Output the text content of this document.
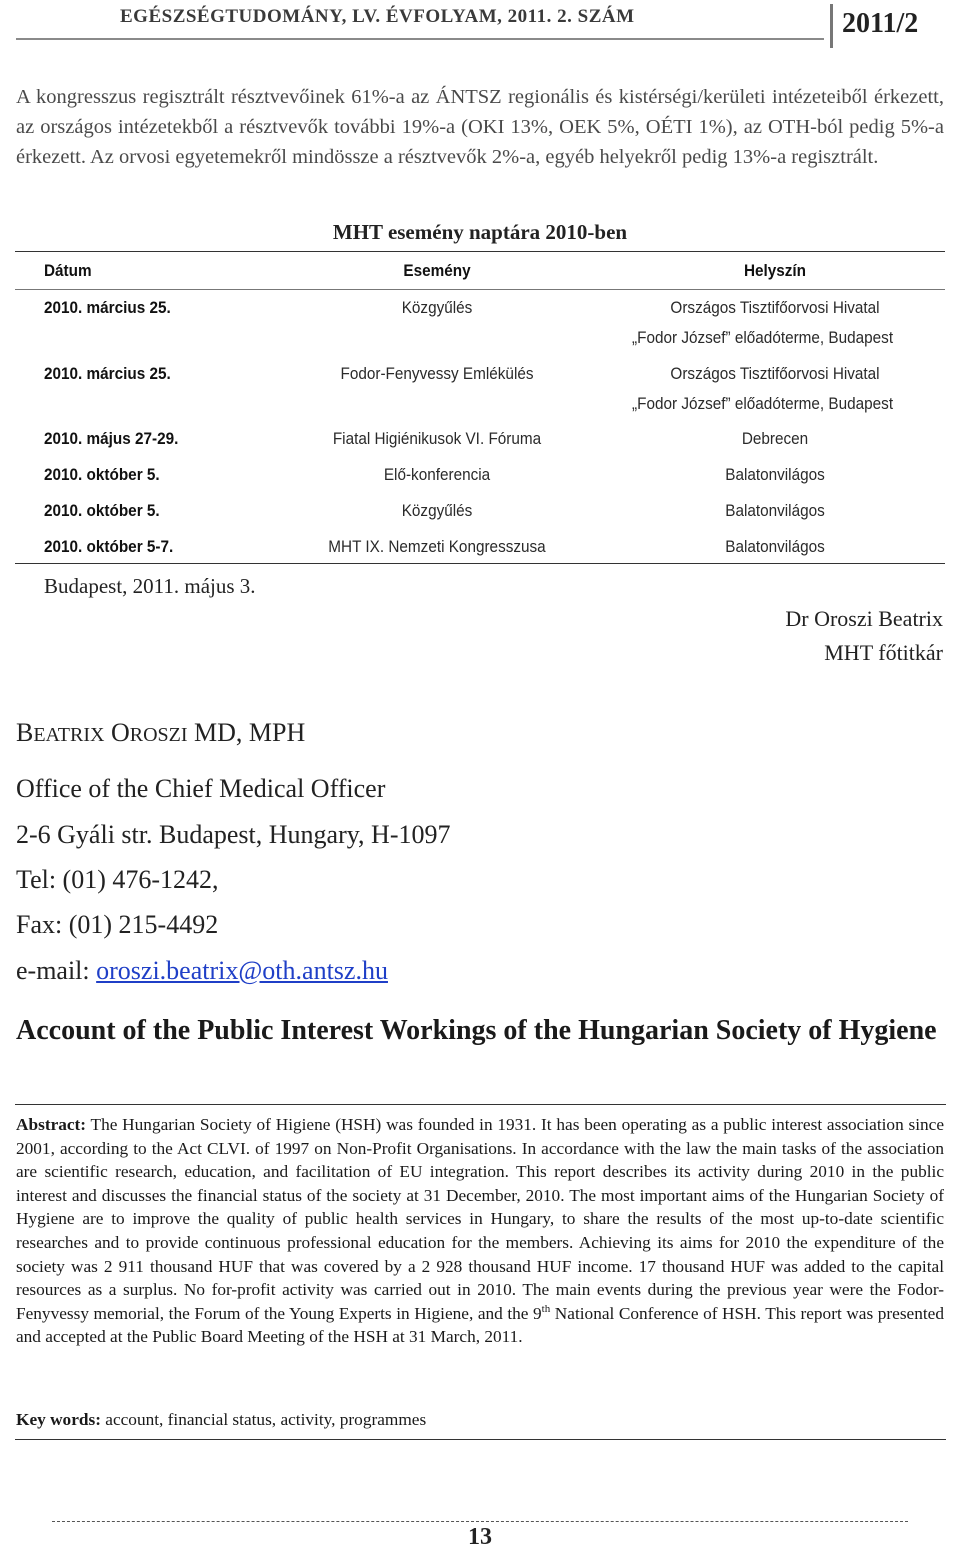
EGÉSZSÉGTUDOMÁNY, LV. ÉVFOLYAM, 2011. 2. SZÁM	2011/2
A kongresszus regisztrált résztvevőinek 61%-a az ÁNTSZ regionális és kistérségi/kerületi intézeteiből érkezett, az országos intézetekből a résztvevők további 19%-a (OKI 13%, OEK 5%, OÉTI 1%), az OTH-ból pedig 5%-a érkezett. Az orvosi egyetemekről mindössze a résztvevők 2%-a, egyéb helyekről pedig 13%-a regisztrált.
MHT esemény naptára 2010-ben
Dátum	Esemény	Helyszín
2010. március 25.	Közgyűlés	Országos Tisztifőorvosi Hivatal
„Fodor József” előadóterme, Budapest
2010. március 25.	Fodor-Fenyvessy Emlékülés	Országos Tisztifőorvosi Hivatal
„Fodor József” előadóterme, Budapest
2010. május 27-29.	Fiatal Higiénikusok VI. Fóruma	Debrecen
2010. október 5.	Elő-konferencia	Balatonvilágos
2010. október 5.	Közgyűlés	Balatonvilágos
2010. október 5-7.	MHT IX. Nemzeti Kongresszusa	Balatonvilágos
Budapest, 2011. május 3.
Dr Oroszi Beatrix
MHT főtitkár
BEATRIX OROSZI MD, MPH
Office of the Chief Medical Officer
2-6 Gyáli str. Budapest, Hungary, H-1097
Tel: (01) 476-1242,
Fax: (01) 215-4492
e-mail: oroszi.beatrix@oth.antsz.hu
Account of the Public Interest Workings of the Hungarian Society of Hygiene
Abstract: The Hungarian Society of Higiene (HSH) was founded in 1931. It has been operating as a public interest association since 2001, according to the Act CLVI. of 1997 on Non-Profit Organisations. In accordance with the law the main tasks of the association are scientific research, education, and facilitation of EU integration. This report describes its activity during 2010 in the public interest and discusses the financial status of the society at 31 December, 2010. The most important aims of the Hungarian Society of Hygiene are to improve the quality of public health services in Hungary, to share the results of the most up-to-date scientific researches and to provide continuous professional education for the members. Achieving its aims for 2010 the expenditure of the society was 2 911 thousand HUF that was covered by a 2 928 thousand HUF income. 17 thousand HUF was added to the capital resources as a surplus. No for-profit activity was carried out in 2010. The main events during the previous year were the Fodor-Fenyvessy memorial, the Forum of the Young Experts in Higiene, and the 9th National Conference of HSH. This report was presented and accepted at the Public Board Meeting of the HSH at 31 March, 2011.
Key words: account, financial status, activity, programmes
13
